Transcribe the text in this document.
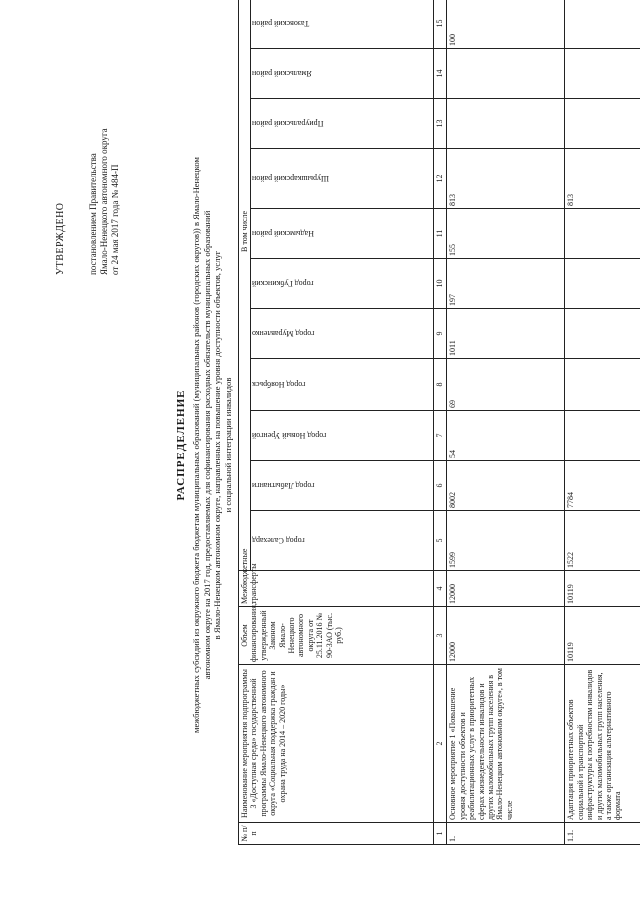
УТВЕРЖДЕНО постановлением Правительства Ямало-Ненецкого автономного округа от 24 мая 2017 года № 484-П
РАСПРЕДЕЛЕНИЕ межбюджетных субсидий из окружного бюджета бюджетам муниципальных образований (муниципальных районов (городских округов)) в Ямало-Ненецком автономном округе на 2017 год, предоставляемых для софинансирования расходных обязательств муниципальных образований в Ямало-Ненецком автономном округе, направленных на повышение уровня доступности объектов, услуг и социальной интеграции инвалидов
№ п/п	Наименование мероприятия подпрограммы 3 «Доступная среда» государственной программы Ямало-Ненецкого автономного округа «Социальная поддержка граждан и охрана труда на 2014 – 2020 годы»	Объем финансирования, утвержденный Законом Ямало-Ненецкого автономного округа от 25.11.2016 № 90-ЗАО (тыс. руб.)	Межбюджетные трансферты	В том числе												

				город Салехард	город Лабытнанги	город Новый Уренгой	город Ноябрьск	город Муравленко	город Губкинский	Надымский район	Шурышкарский район	Приуральский район	Ямальский район	Тазовский район

1	2	3	4	5	6	7	8	9	10	11	12	13	14	15		
1.	Основное мероприятие 1 «Повышение уровня доступности объектов и реабилитационных услуг в приоритетных сферах жизнедеятельности инвалидов и других маломобильных групп населения в Ямало-Ненецком автономном округе», в том числе	12000	12000	1599	8002	54	69	1011	197	155	813			100		
1.1.	Адаптация приоритетных объектов социальной и транспортной инфраструктуры к потребностям инвалидов и других маломобильных групп населения, а также организация альтернативного формата	10119	10119	1522	7784						813					
